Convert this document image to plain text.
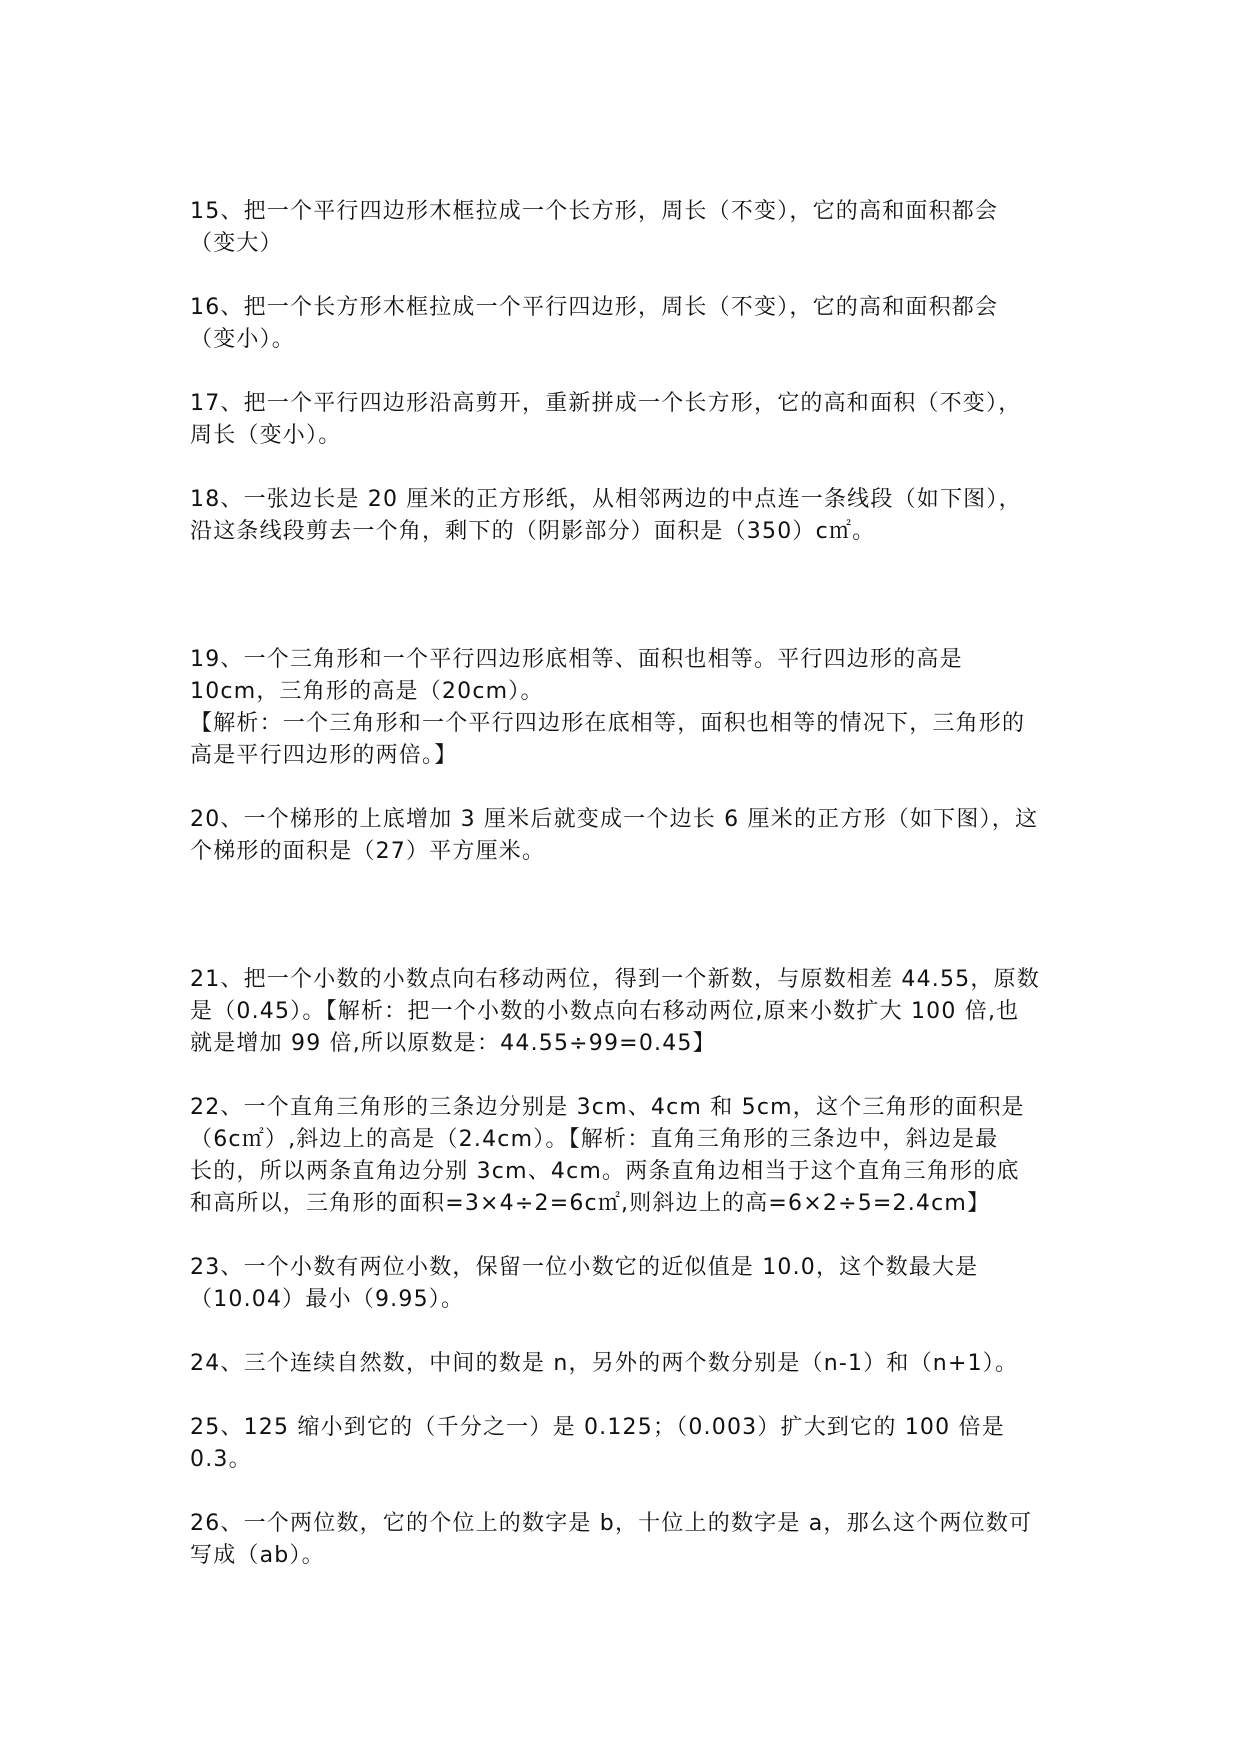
15、把一个平行四边形木框拉成一个长方形，周长（不变），它的高和面积都会
（变大）
16、把一个长方形木框拉成一个平行四边形，周长（不变），它的高和面积都会
（变小）。
17、把一个平行四边形沿高剪开，重新拼成一个长方形，它的高和面积（不变），
周长（变小）。
18、一张边长是 20 厘米的正方形纸，从相邻两边的中点连一条线段（如下图），
沿这条线段剪去一个角，剩下的（阴影部分）面积是（350）c㎡。
19、一个三角形和一个平行四边形底相等、面积也相等。平行四边形的高是
10cm，三角形的高是（20cm）。
【解析：一个三角形和一个平行四边形在底相等，面积也相等的情况下，三角形的
高是平行四边形的两倍。】
20、一个梯形的上底增加 3 厘米后就变成一个边长 6 厘米的正方形（如下图），这
个梯形的面积是（27）平方厘米。
21、把一个小数的小数点向右移动两位，得到一个新数，与原数相差 44.55，原数
是（0.45）。【解析：把一个小数的小数点向右移动两位,原来小数扩大 100 倍,也
就是增加 99 倍,所以原数是：44.55÷99=0.45】
22、一个直角三角形的三条边分别是 3cm、4cm 和 5cm，这个三角形的面积是
（6c㎡）,斜边上的高是（2.4cm）。【解析：直角三角形的三条边中，斜边是最
长的，所以两条直角边分别 3cm、4cm。两条直角边相当于这个直角三角形的底
和高所以，三角形的面积=3×4÷2=6c㎡,则斜边上的高=6×2÷5=2.4cm】
23、一个小数有两位小数，保留一位小数它的近似值是 10.0，这个数最大是
（10.04）最小（9.95）。
24、三个连续自然数，中间的数是 n，另外的两个数分别是（n-1）和（n+1）。
25、125 缩小到它的（千分之一）是 0.125；（0.003）扩大到它的 100 倍是
0.3。
26、一个两位数，它的个位上的数字是 b，十位上的数字是 a，那么这个两位数可
写成（ab）。
